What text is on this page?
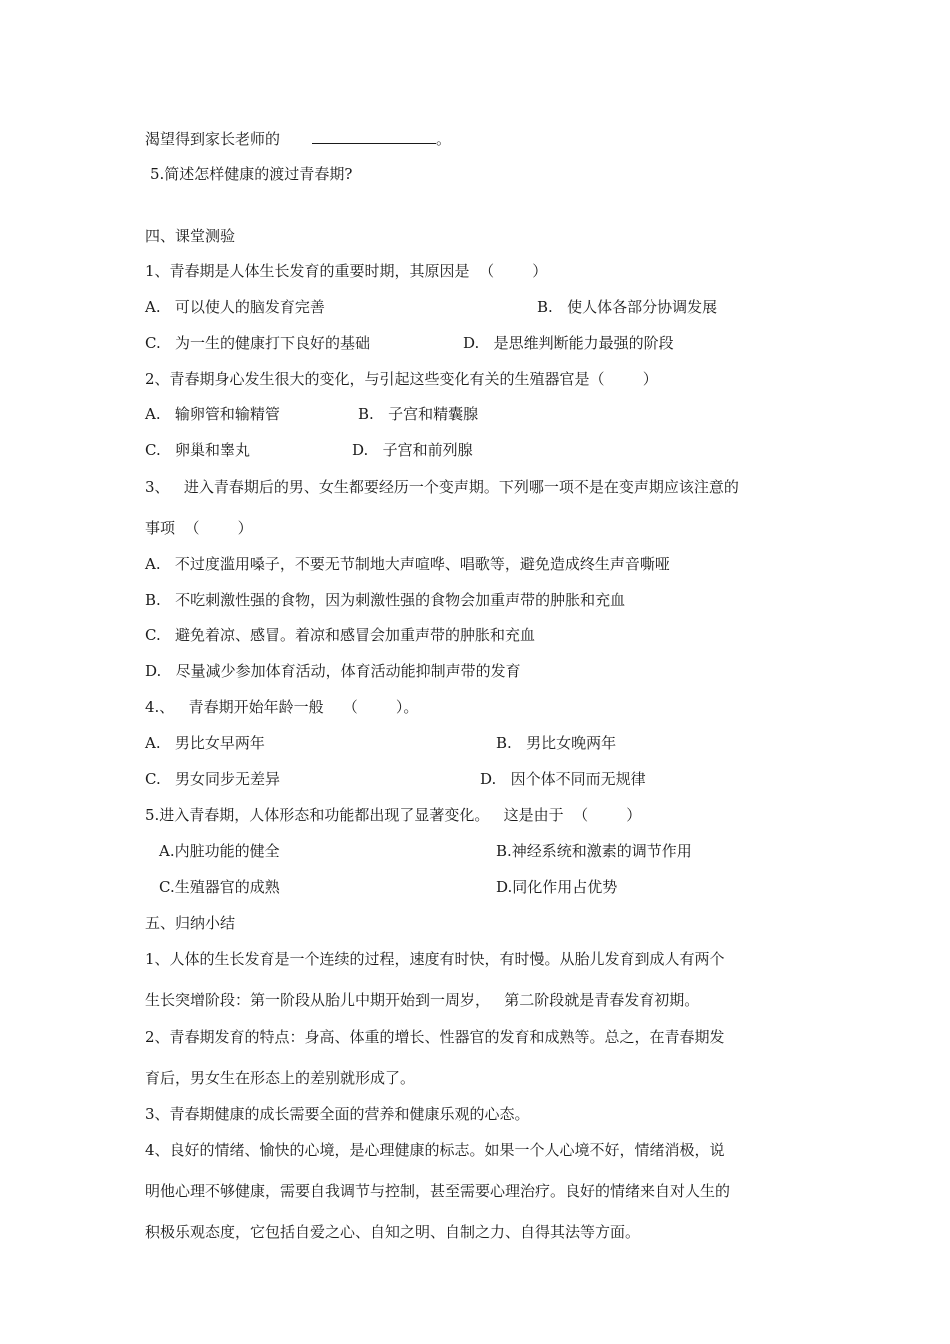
渴望得到家长老师的	。
5.简述怎样健康的渡过青春期?
四、课堂测验
1、青春期是人体生长发育的重要时期，其原因是  （        ）
A.   可以使人的脑发育完善	B.   使人体各部分协调发展
C.   为一生的健康打下良好的基础	D.   是思维判断能力最强的阶段
2、青春期身心发生很大的变化，与引起这些变化有关的生殖器官是（        ）
A.   输卵管和输精管	B.   子宫和精囊腺
C.   卵巢和睾丸	D.   子宫和前列腺
3、   进入青春期后的男、女生都要经历一个变声期。下列哪一项不是在变声期应该注意的
事项  （        ）
A.   不过度滥用嗓子，不要无节制地大声喧哗、唱歌等，避免造成终生声音嘶哑
B.   不吃刺激性强的食物，因为刺激性强的食物会加重声带的肿胀和充血
C.   避免着凉、感冒。着凉和感冒会加重声带的肿胀和充血
D.   尽量减少参加体育活动，体育活动能抑制声带的发育
4.、   青春期开始年龄一般    （        ）。
A.   男比女早两年	B.   男比女晚两年
C.   男女同步无差异	D.   因个体不同而无规律
5.进入青春期，人体形态和功能都出现了显著变化。   这是由于  （        ）
A.内脏功能的健全	B.神经系统和激素的调节作用
C.生殖器官的成熟	D.同化作用占优势
五、归纳小结
1、人体的生长发育是一个连续的过程，速度有时快，有时慢。从胎儿发育到成人有两个
生长突增阶段：第一阶段从胎儿中期开始到一周岁，   第二阶段就是青春发育初期。
2、青春期发育的特点：身高、体重的增长、性器官的发育和成熟等。总之，在青春期发
育后，男女生在形态上的差别就形成了。
3、青春期健康的成长需要全面的营养和健康乐观的心态。
4、良好的情绪、愉快的心境，是心理健康的标志。如果一个人心境不好，情绪消极，说
明他心理不够健康，需要自我调节与控制，甚至需要心理治疗。良好的情绪来自对人生的
积极乐观态度，它包括自爱之心、自知之明、自制之力、自得其法等方面。
